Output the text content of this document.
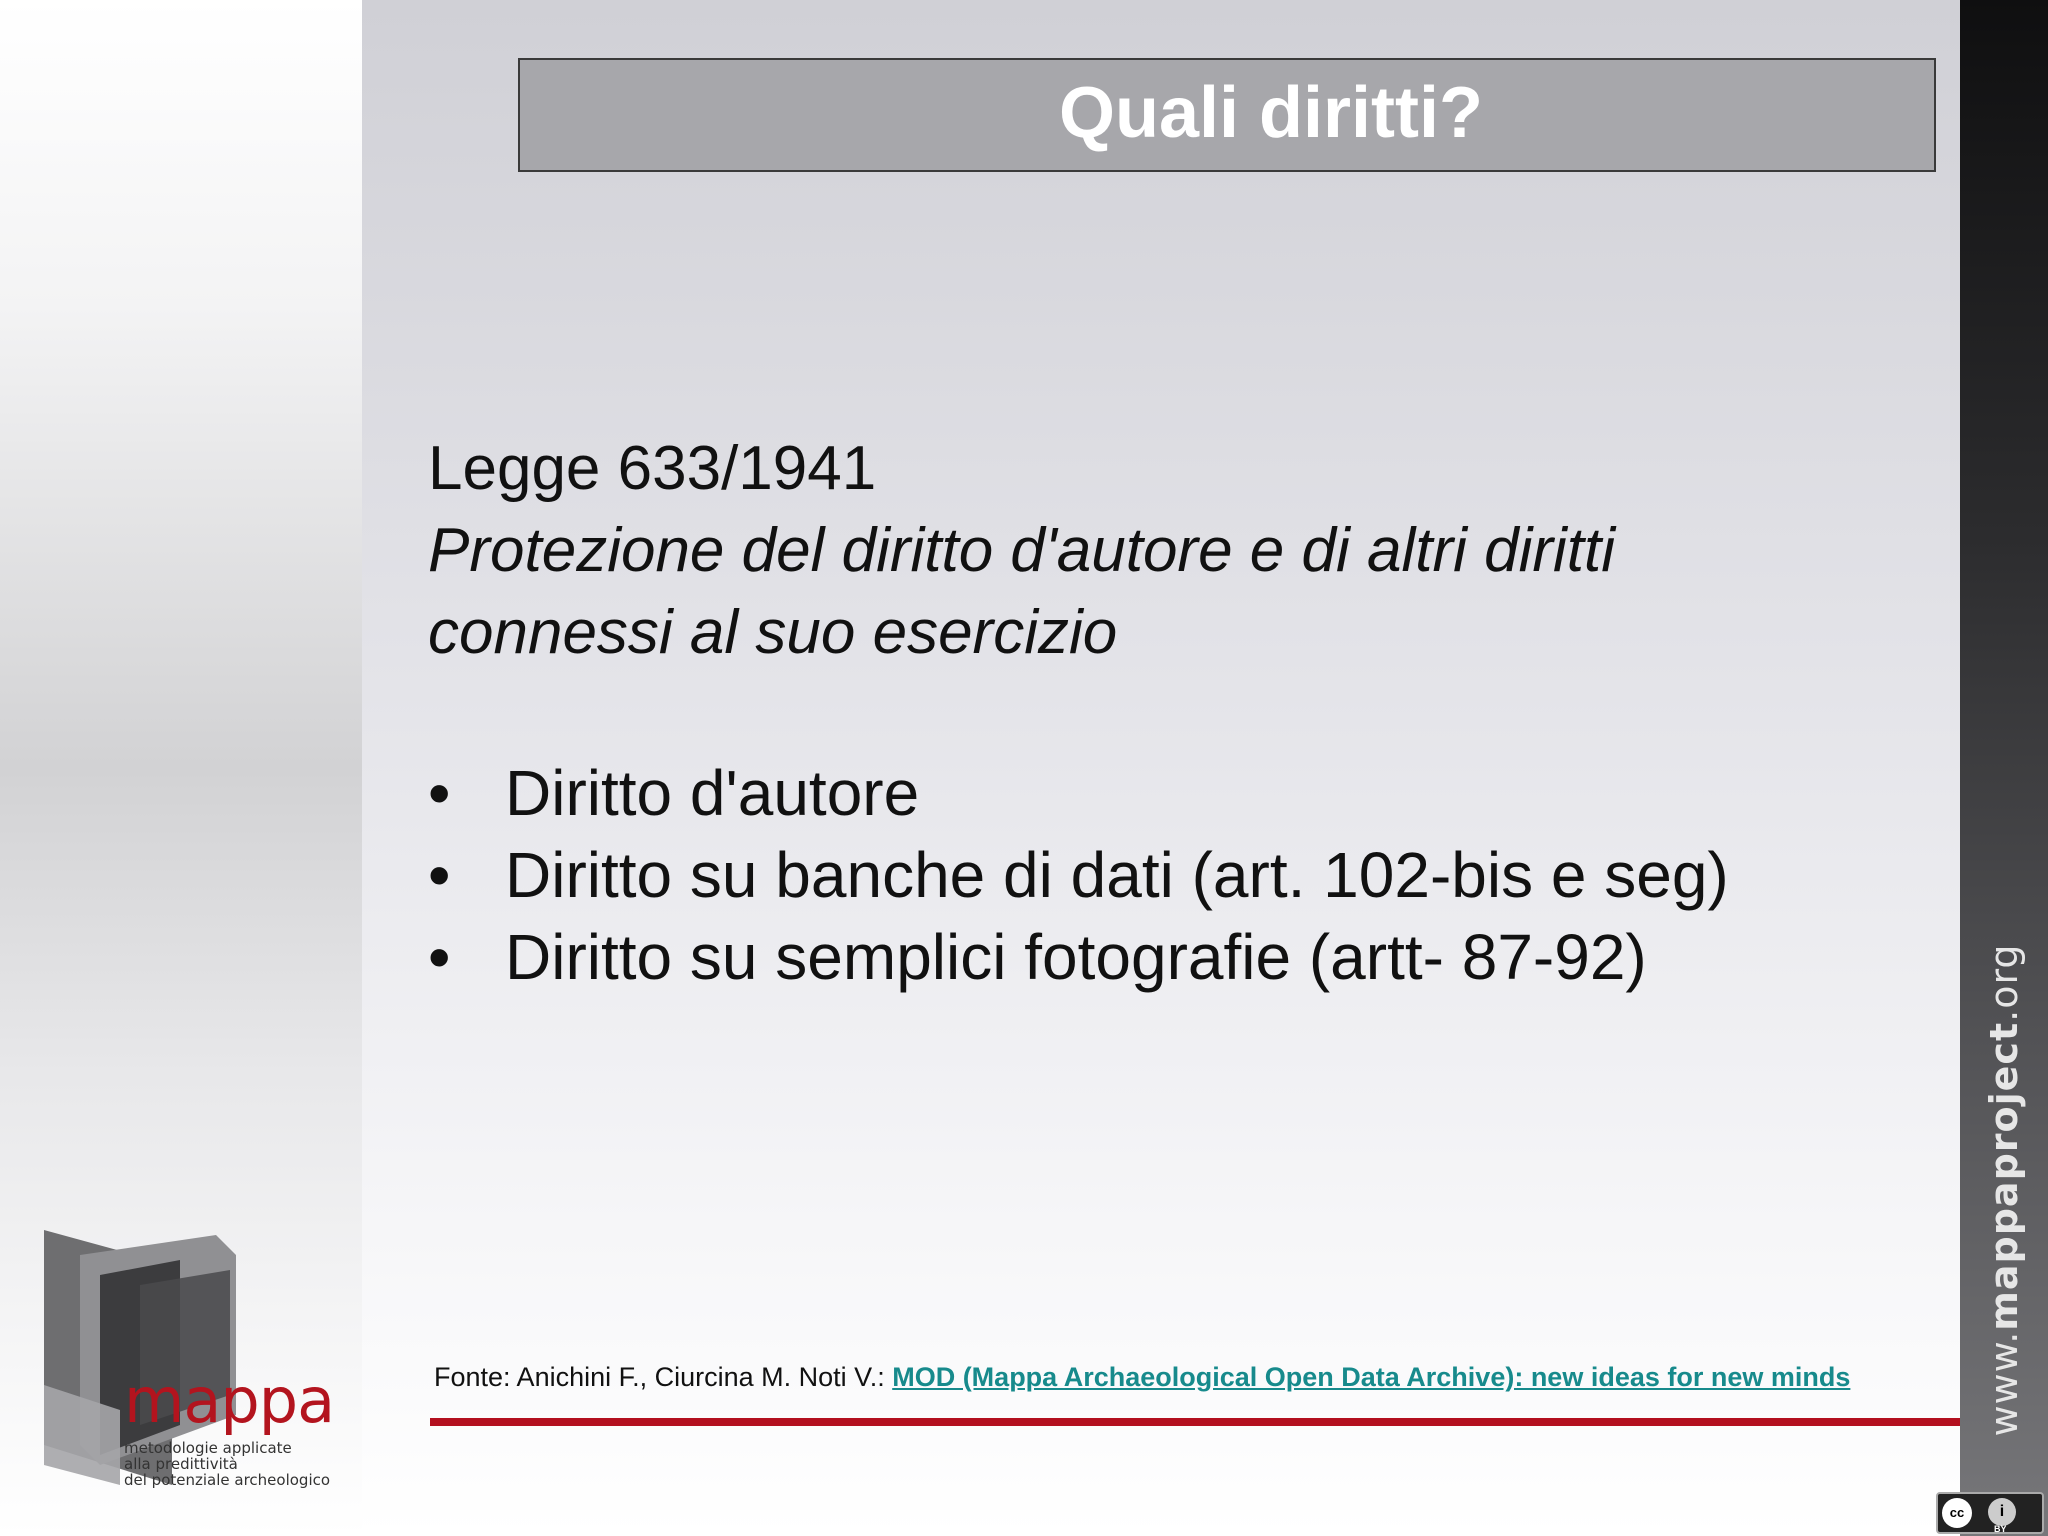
www.mappaproject.org
Quali diritti?
Legge 633/1941
Protezione del diritto d'autore e di altri diritti connessi al suo esercizio
• Diritto d'autore
• Diritto su banche di dati (art. 102-bis e seg)
• Diritto su semplici fotografie (artt- 87-92)
Fonte: Anichini F., Ciurcina M. Noti V.: MOD (Mappa Archaeological Open Data Archive): new ideas for new minds
mappa
metodologie applicate
alla predittività
del potenziale archeologico
cc	i
BY
